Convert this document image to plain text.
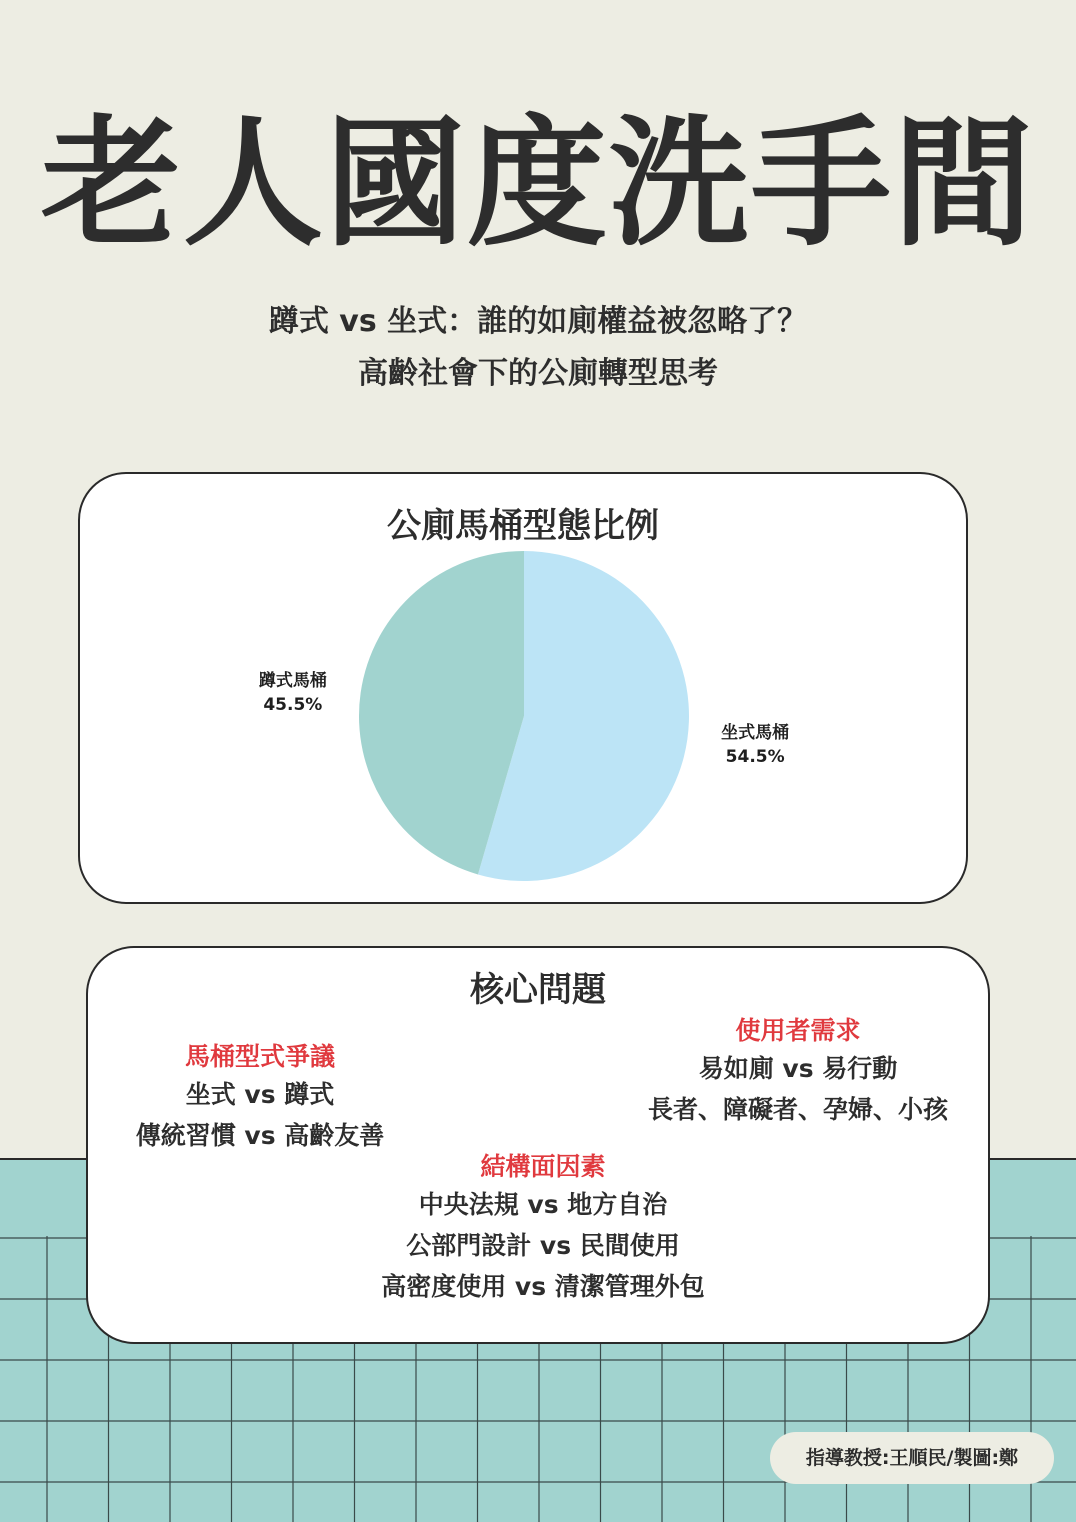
老人國度洗手間
蹲式 vs 坐式：誰的如廁權益被忽略了？
高齡社會下的公廁轉型思考
公廁馬桶型態比例
坐式馬桶
54.5%
蹲式馬桶
45.5%
核心問題
馬桶型式爭議
坐式 vs 蹲式
傳統習慣 vs 高齡友善
使用者需求
易如廁 vs 易行動
長者、障礙者、孕婦、小孩
結構面因素
中央法規 vs 地方自治
公部門設計 vs 民間使用
高密度使用 vs 清潔管理外包
指導教授:王順民/製圖:鄭
